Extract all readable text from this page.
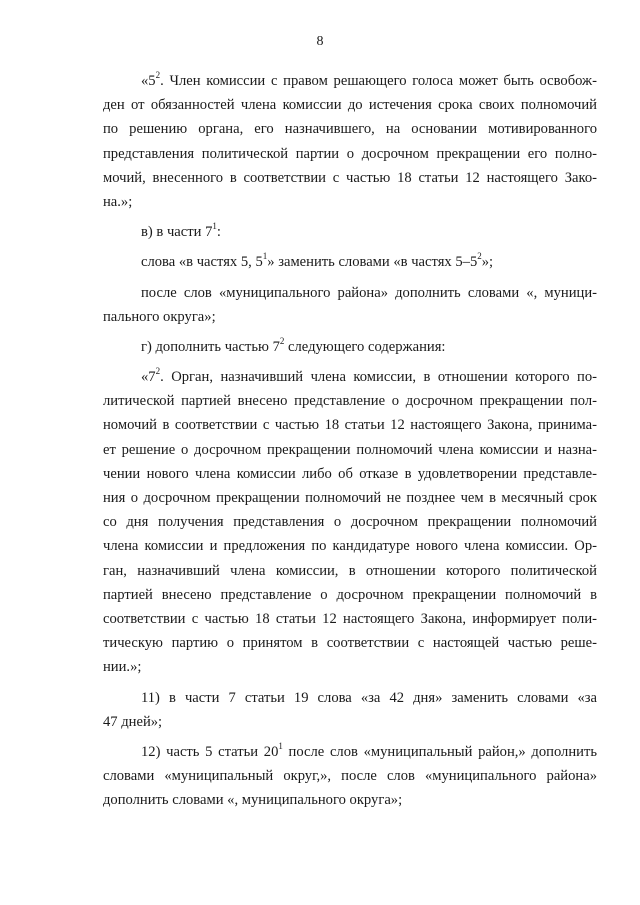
8
«$5^2$. Член комиссии с правом решающего голоса может быть освобож-
ден от обязанностей члена комиссии до истечения срока своих полномочий
по решению органа, его назначившего, на основании мотивированного
представления политической партии о досрочном прекращении его полно-
мочий, внесенного в соответствии с частью 18 статьи 12 настоящего Зако-
на.»;
в) в части $7^1$:
слова «в частях 5, $5^1$» заменить словами «в частях $5-5^2$»;
после слов «муниципального района» дополнить словами «, муници-
пального округа»;
г) дополнить частью $7^2$ следующего содержания:
«$7^2$. Орган, назначивший члена комиссии, в отношении которого по-
литической партией внесено представление о досрочном прекращении пол-
номочий в соответствии с частью 18 статьи 12 настоящего Закона, принима-
ет решение о досрочном прекращении полномочий члена комиссии и назна-
чении нового члена комиссии либо об отказе в удовлетворении представле-
ния о досрочном прекращении полномочий не позднее чем в месячный срок
со дня получения представления о досрочном прекращении полномочий
члена комиссии и предложения по кандидатуре нового члена комиссии. Ор-
ган, назначивший члена комиссии, в отношении которого политической
партией внесено представление о досрочном прекращении полномочий в
соответствии с частью 18 статьи 12 настоящего Закона, информирует поли-
тическую партию о принятом в соответствии с настоящей частью реше-
нии.»;
11) в части 7 статьи 19 слова «за 42 дня» заменить словами «за
47 дней»;
12) часть 5 статьи $20^1$ после слов «муниципальный район,» дополнить
словами «муниципальный округ,», после слов «муниципального района»
дополнить словами «, муниципального округа»;
